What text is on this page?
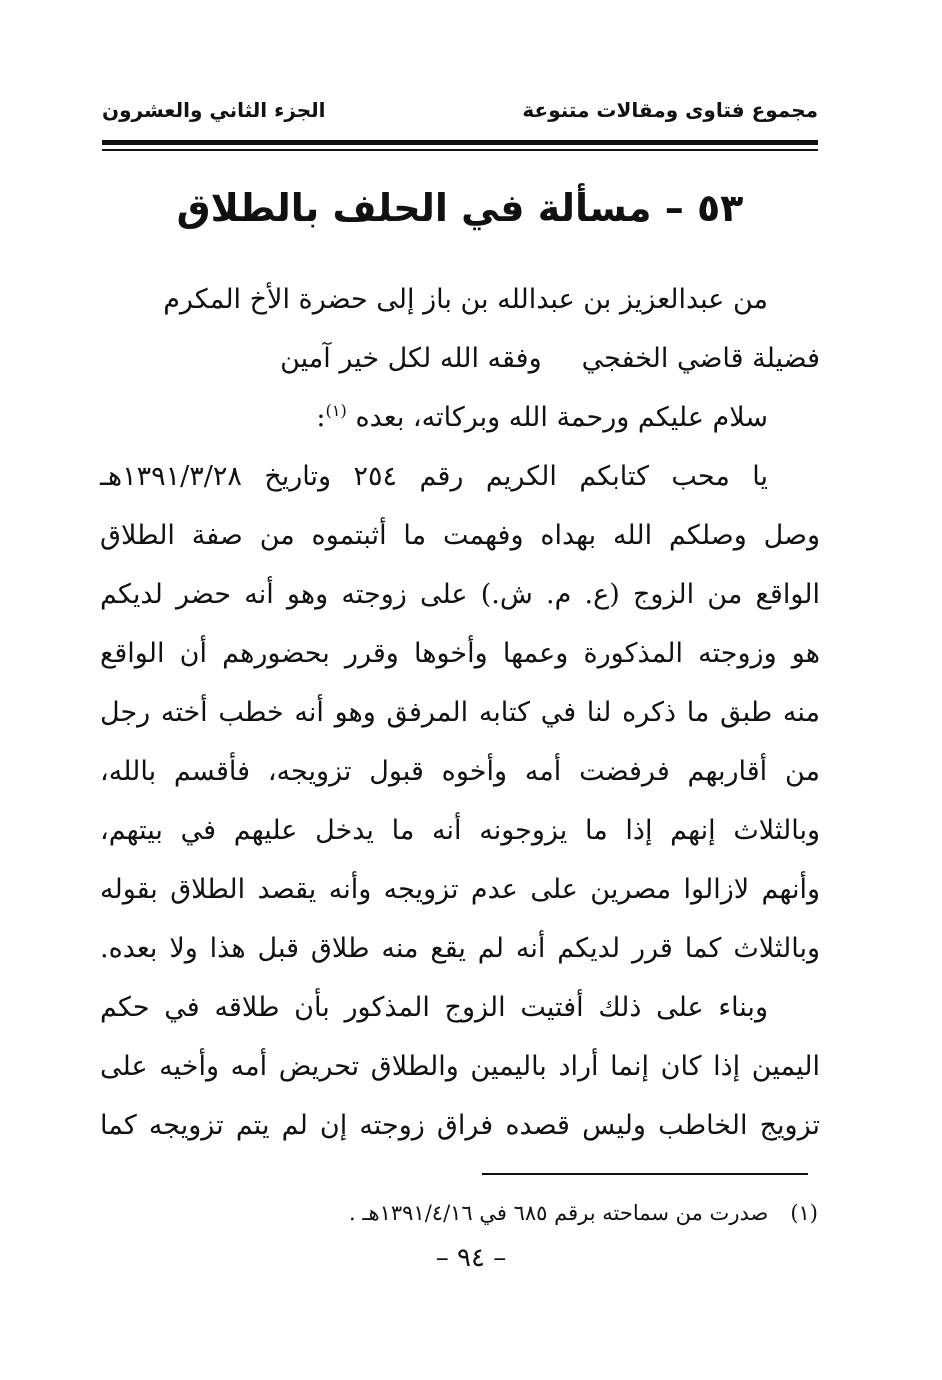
مجموع فتاوى ومقالات متنوعة
الجزء الثاني والعشرون
٥٣ – مسألة في الحلف بالطلاق
من عبدالعزيز بن عبدالله بن باز إلى حضرة الأخ المكرم
فضيلة قاضي الخفجيوفقه الله لكل خير آمين
سلام عليكم ورحمة الله وبركاته، بعده $^{(١)}$:
يا محب كتابكم الكريم رقم ٢٥٤ وتاريخ ١٣٩١/٣/٢٨هـ
وصل وصلكم الله بهداه وفهمت ما أثبتموه من صفة الطلاق
الواقع من الزوج (ع. م. ش.) على زوجته وهو أنه حضر لديكم
هو وزوجته المذكورة وعمها وأخوها وقرر بحضورهم أن الواقع
منه طبق ما ذكره لنا في كتابه المرفق وهو أنه خطب أخته رجل
من أقاربهم فرفضت أمه وأخوه قبول تزويجه، فأقسم بالله،
وبالثلاث إنهم إذا ما يزوجونه أنه ما يدخل عليهم في بيتهم،
وأنهم لازالوا مصرين على عدم تزويجه وأنه يقصد الطلاق بقوله
وبالثلاث كما قرر لديكم أنه لم يقع منه طلاق قبل هذا ولا بعده.
وبناء على ذلك أفتيت الزوج المذكور بأن طلاقه في حكم
اليمين إذا كان إنما أراد باليمين والطلاق تحريض أمه وأخيه على
تزويج الخاطب وليس قصده فراق زوجته إن لم يتم تزويجه كما
(١)صدرت من سماحته برقم ٦٨٥ في ١٣٩١/٤/١٦هـ .
– ٩٤ –
